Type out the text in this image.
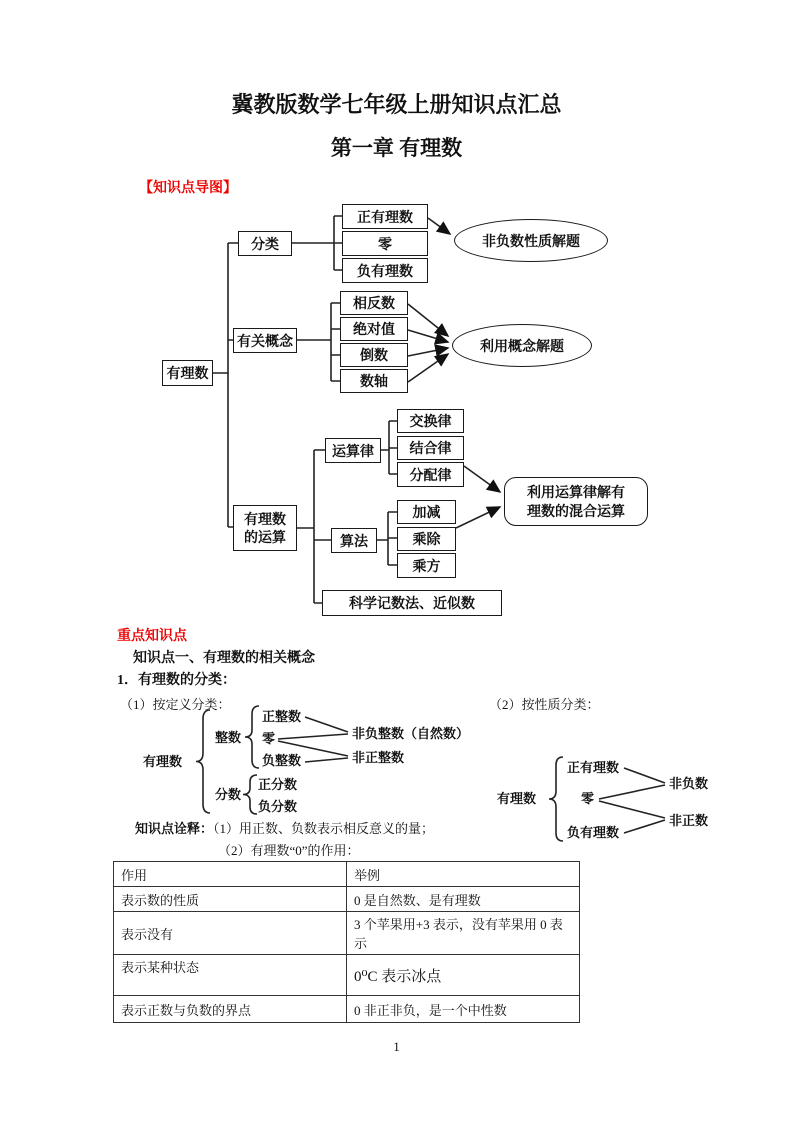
冀教版数学七年级上册知识点汇总
第一章 有理数
【知识点导图】
有理数
分类
正有理数
零
负有理数
非负数性质解题
有关概念
相反数
绝对值
倒数
数轴
利用概念解题
有理数
的运算
运算律
交换律
结合律
分配律
算法
加减
乘除
乘方
科学记数法、近似数
利用运算律解有
理数的混合运算
重点知识点
知识点一、有理数的相关概念
1．有理数的分类：
（1）按定义分类：	（2）按性质分类：
有理数
整数
正整数
零
负整数
非负整数（自然数）
非正整数
分数
正分数
负分数
有理数
正有理数
零
负有理数
非负数
非正数
知识点诠释：（1）用正数、负数表示相反意义的量；
（2）有理数“0”的作用：
作用	举例
表示数的性质	0 是自然数、是有理数
表示没有	3 个苹果用+3 表示，没有苹果用 0 表示
表示某种状态	0⁰C 表示冰点
表示正数与负数的界点	0 非正非负，是一个中性数
1
